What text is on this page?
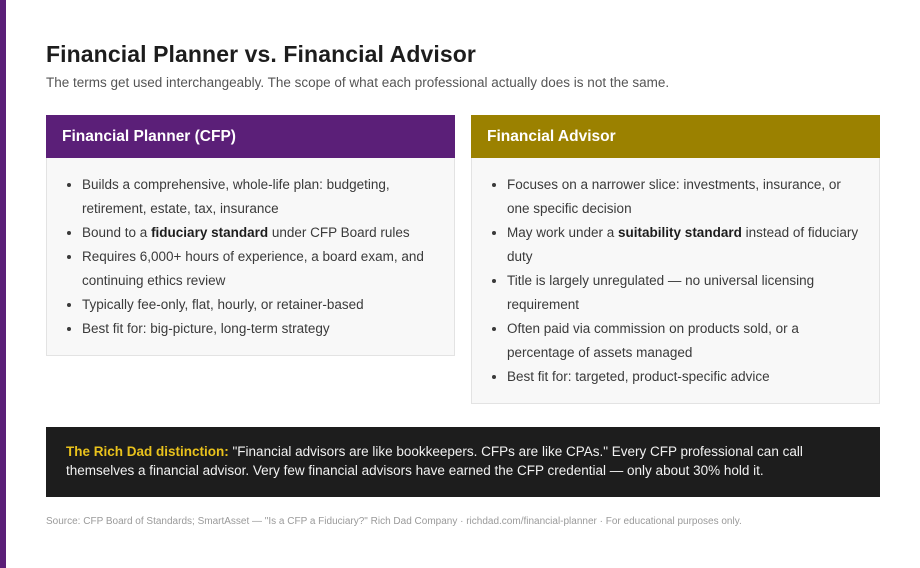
Financial Planner vs. Financial Advisor
The terms get used interchangeably. The scope of what each professional actually does is not the same.
Financial Planner (CFP)
• Builds a comprehensive, whole-life plan: budgeting, retirement, estate, tax, insurance
• Bound to a fiduciary standard under CFP Board rules
• Requires 6,000+ hours of experience, a board exam, and continuing ethics review
• Typically fee-only, flat, hourly, or retainer-based
• Best fit for: big-picture, long-term strategy
Financial Advisor
• Focuses on a narrower slice: investments, insurance, or one specific decision
• May work under a suitability standard instead of fiduciary duty
• Title is largely unregulated — no universal licensing requirement
• Often paid via commission on products sold, or a percentage of assets managed
• Best fit for: targeted, product-specific advice
The Rich Dad distinction: "Financial advisors are like bookkeepers. CFPs are like CPAs." Every CFP professional can call themselves a financial advisor. Very few financial advisors have earned the CFP credential — only about 30% hold it.
Source: CFP Board of Standards; SmartAsset — "Is a CFP a Fiduciary?" Rich Dad Company · richdad.com/financial-planner · For educational purposes only.
